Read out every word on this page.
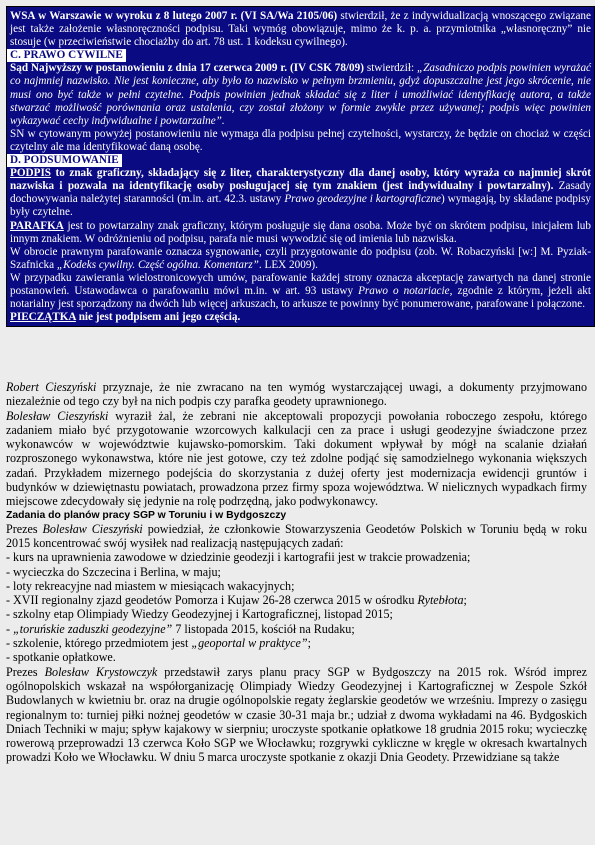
WSA w Warszawie w wyroku z 8 lutego 2007 r. (VI SA/Wa 2105/06) stwierdził, że z indywidualizacją wnoszącego związane jest także założenie własnoręczności podpisu. Taki wymóg obowiązuje, mimo że k. p. a. przymiotnika „własnoręczny” nie stosuje (w przeciwieństwie chociażby do art. 78 ust. 1 kodeksu cywilnego).

C. PRAWO CYWILNE

Sąd Najwyższy w postanowieniu z dnia 17 czerwca 2009 r. (IV CSK 78/09) stwierdził: „Zasadniczo podpis powinien wyrażać co najmniej nazwisko. Nie jest konieczne, aby było to nazwisko w pełnym brzmieniu, gdyż dopuszczalne jest jego skrócenie, nie musi ono być także w pełni czytelne. Podpis powinien jednak składać się z liter i umożliwiać identyfikację autora, a także stwarzać możliwość porównania oraz ustalenia, czy został złożony w formie zwykle przez używanej; podpis więc powinien wykazywać cechy indywidualne i powtarzalne”.

SN w cytowanym powyżej postanowieniu nie wymaga dla podpisu pełnej czytelności, wystarczy, że będzie on chociaż w części czytelny ale ma identyfikować daną osobę.

D. PODSUMOWANIE

PODPIS to znak graficzny, składający się z liter, charakterystyczny dla danej osoby, który wyraża co najmniej skrót nazwiska i pozwala na identyfikację osoby posługującej się tym znakiem (jest indywidualny i powtarzalny). Zasady dochowywania należytej staranności (m.in. art. 42.3. ustawy Prawo geodezyjne i kartograficzne) wymagają, by składane podpisy były czytelne.

PARAFKA jest to powtarzalny znak graficzny, którym posługuje się dana osoba. Może być on skrótem podpisu, inicjałem lub innym znakiem. W odróżnieniu od podpisu, parafa nie musi wywodzić się od imienia lub nazwiska.

W obrocie prawnym parafowanie oznacza sygnowanie, czyli przygotowanie do podpisu (zob. W. Robaczyński [w:] M. Pyziak-Szafnicka „Kodeks cywilny. Część ogólna. Komentarz”. LEX 2009).

W przypadku zawierania wielostronicowych umów, parafowanie każdej strony oznacza akceptację zawartych na danej stronie postanowień. Ustawodawca o parafowaniu mówi m.in. w art. 93 ustawy Prawo o notariacie, zgodnie z którym, jeżeli akt notarialny jest sporządzony na dwóch lub więcej arkuszach, to arkusze te powinny być ponumerowane, parafowane i połączone.

PIECZĄTKA nie jest podpisem ani jego częścią.

Robert Cieszyński przyznaje, że nie zwracano na ten wymóg wystarczającej uwagi, a dokumenty przyjmowano niezależnie od tego czy był na nich podpis czy parafka geodety uprawnionego.

Bolesław Cieszyński wyraził żal, że zebrani nie akceptowali propozycji powołania roboczego zespołu, którego zadaniem miało być przygotowanie wzorcowych kalkulacji cen za prace i usługi geodezyjne świadczone przez wykonawców w województwie kujawsko-pomorskim. Taki dokument wpływał by mógł na scalanie działań rozproszonego wykonawstwa, które nie jest gotowe, czy też zdolne podjąć się samodzielnego wykonania większych zadań. Przykładem mizernego podejścia do skorzystania z dużej oferty jest modernizacja ewidencji gruntów i budynków w dziewiętnastu powiatach, prowadzona przez firmy spoza województwa. W nielicznych wypadkach firmy miejscowe zdecydowały się jedynie na rolę podrzędną, jako podwykonawcy.

Zadania do planów pracy SGP w Toruniu i w Bydgoszczy

Prezes Bolesław Cieszyński powiedział, że członkowie Stowarzyszenia Geodetów Polskich w Toruniu będą w roku 2015 koncentrować swój wysiłek nad realizacją następujących zadań:

- kurs na uprawnienia zawodowe w dziedzinie geodezji i kartografii jest w trakcie prowadzenia;
- wycieczka do Szczecina i Berlina, w maju;
- loty rekreacyjne nad miastem w miesiącach wakacyjnych;
- XVII regionalny zjazd geodetów Pomorza i Kujaw 26-28 czerwca 2015 w ośrodku Rytebłota;
- szkolny etap Olimpiady Wiedzy Geodezyjnej i Kartograficznej, listopad 2015;
- „toruńskie zaduszki geodezyjne” 7 listopada 2015, kościół na Rudaku;
- szkolenie, którego przedmiotem jest „geoportal w praktyce”;
- spotkanie opłatkowe.

Prezes Bolesław Krystowczyk przedstawił zarys planu pracy SGP w Bydgoszczy na 2015 rok. Wśród imprez ogólnopolskich wskazał na współorganizację Olimpiady Wiedzy Geodezyjnej i Kartograficznej w Zespole Szkół Budowlanych w kwietniu br. oraz na drugie ogólnopolskie regaty żeglarskie geodetów we wrześniu. Imprezy o zasięgu regionalnym to: turniej piłki nożnej geodetów w czasie 30-31 maja br.; udział z dwoma wykładami na 46. Bydgoskich Dniach Techniki w maju; spływ kajakowy w sierpniu; uroczyste spotkanie opłatkowe 18 grudnia 2015 roku; wycieczkę rowerową przeprowadzi 13 czerwca Koło SGP we Włocławku; rozgrywki cykliczne w kręgle w okresach kwartalnych prowadzi Koło we Włocławku. W dniu 5 marca uroczyste spotkanie z okazji Dnia Geodety. Przewidziane są także
